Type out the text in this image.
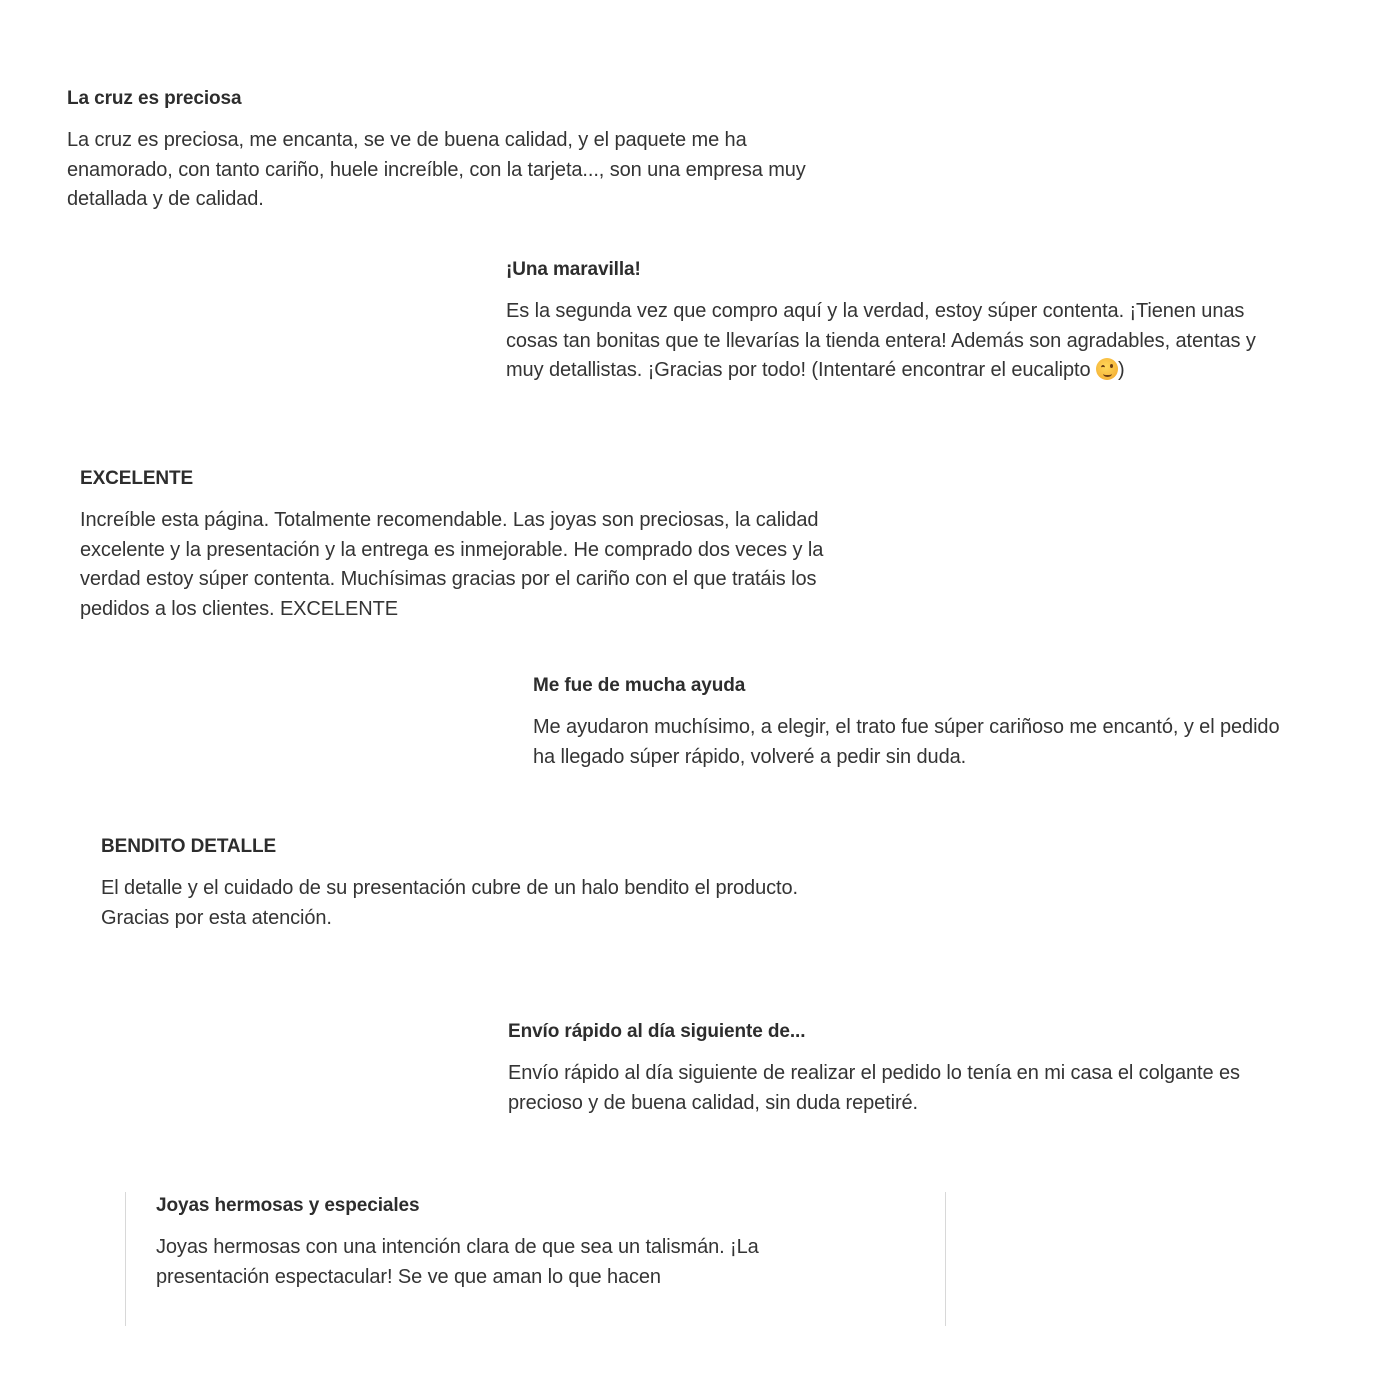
La cruz es preciosa

La cruz es preciosa, me encanta, se ve de buena calidad, y el paquete me ha enamorado, con tanto cariño, huele increíble, con la tarjeta..., son una empresa muy detallada y de calidad.

¡Una maravilla!

Es la segunda vez que compro aquí y la verdad, estoy súper contenta. ¡Tienen unas cosas tan bonitas que te llevarías la tienda entera! Además son agradables, atentas y muy detallistas. ¡Gracias por todo! (Intentaré encontrar el eucalipto )

EXCELENTE

Increíble esta página. Totalmente recomendable. Las joyas son preciosas, la calidad excelente y la presentación y la entrega es inmejorable. He comprado dos veces y la verdad estoy súper contenta. Muchísimas gracias por el cariño con el que tratáis los pedidos a los clientes. EXCELENTE

Me fue de mucha ayuda

Me ayudaron muchísimo, a elegir, el trato fue súper cariñoso me encantó, y el pedido ha llegado súper rápido, volveré a pedir sin duda.

BENDITO DETALLE

El detalle y el cuidado de su presentación cubre de un halo bendito el producto.
Gracias por esta atención.

Envío rápido al día siguiente de...

Envío rápido al día siguiente de realizar el pedido lo tenía en mi casa el colgante es precioso y de buena calidad, sin duda repetiré.

Joyas hermosas y especiales

Joyas hermosas con una intención clara de que sea un talismán. ¡La presentación espectacular! Se ve que aman lo que hacen
